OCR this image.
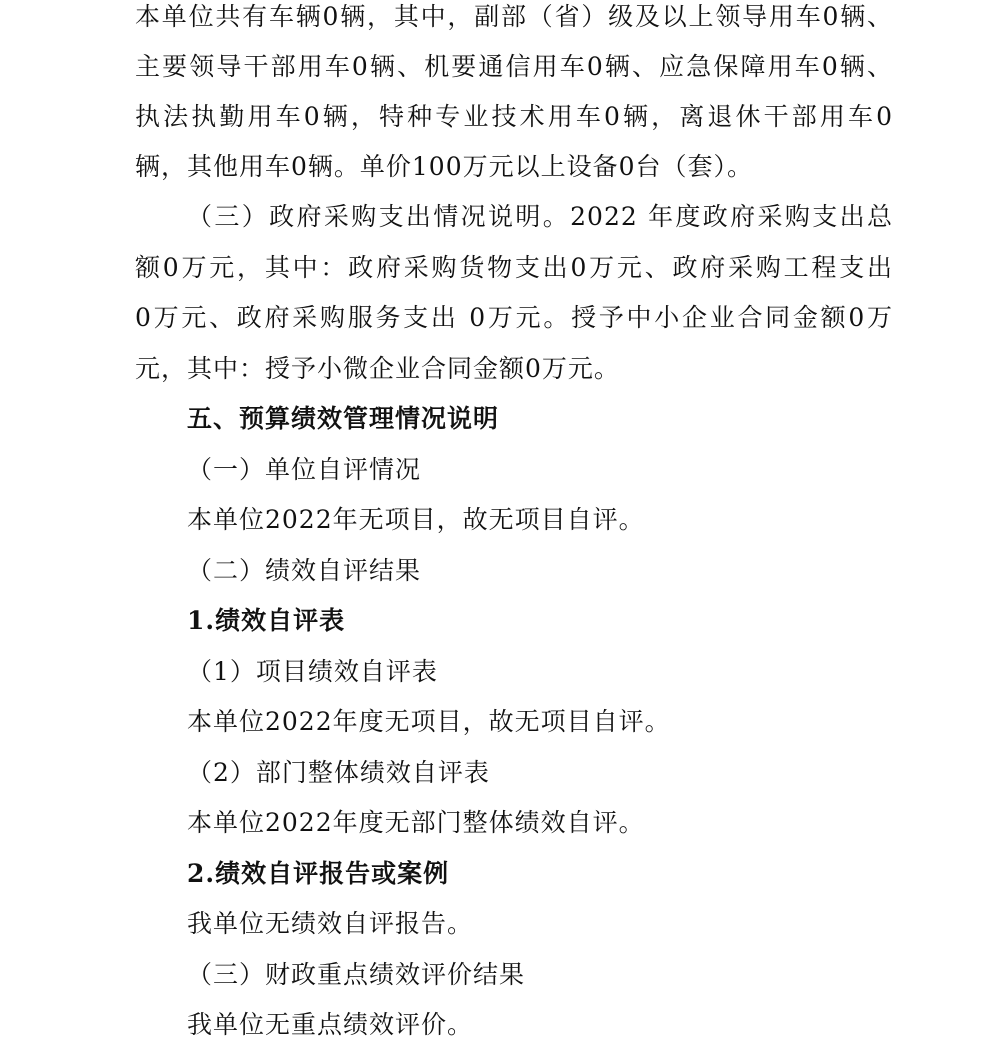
本单位共有车辆0辆，其中，副部（省）级及以上领导用车0辆、
主要领导干部用车0辆、机要通信用车0辆、应急保障用车0辆、
执法执勤用车0辆，特种专业技术用车0辆，离退休干部用车0
辆，其他用车0辆。单价100万元以上设备0台（套）。
（三）政府采购支出情况说明。2022 年度政府采购支出总
额0万元，其中：政府采购货物支出0万元、政府采购工程支出
0万元、政府采购服务支出 0万元。授予中小企业合同金额0万
元，其中：授予小微企业合同金额0万元。
五、预算绩效管理情况说明
（一）单位自评情况
本单位2022年无项目，故无项目自评。
（二）绩效自评结果
1.绩效自评表
（1）项目绩效自评表
本单位2022年度无项目，故无项目自评。
（2）部门整体绩效自评表
本单位2022年度无部门整体绩效自评。
2.绩效自评报告或案例
我单位无绩效自评报告。
（三）财政重点绩效评价结果
我单位无重点绩效评价。
